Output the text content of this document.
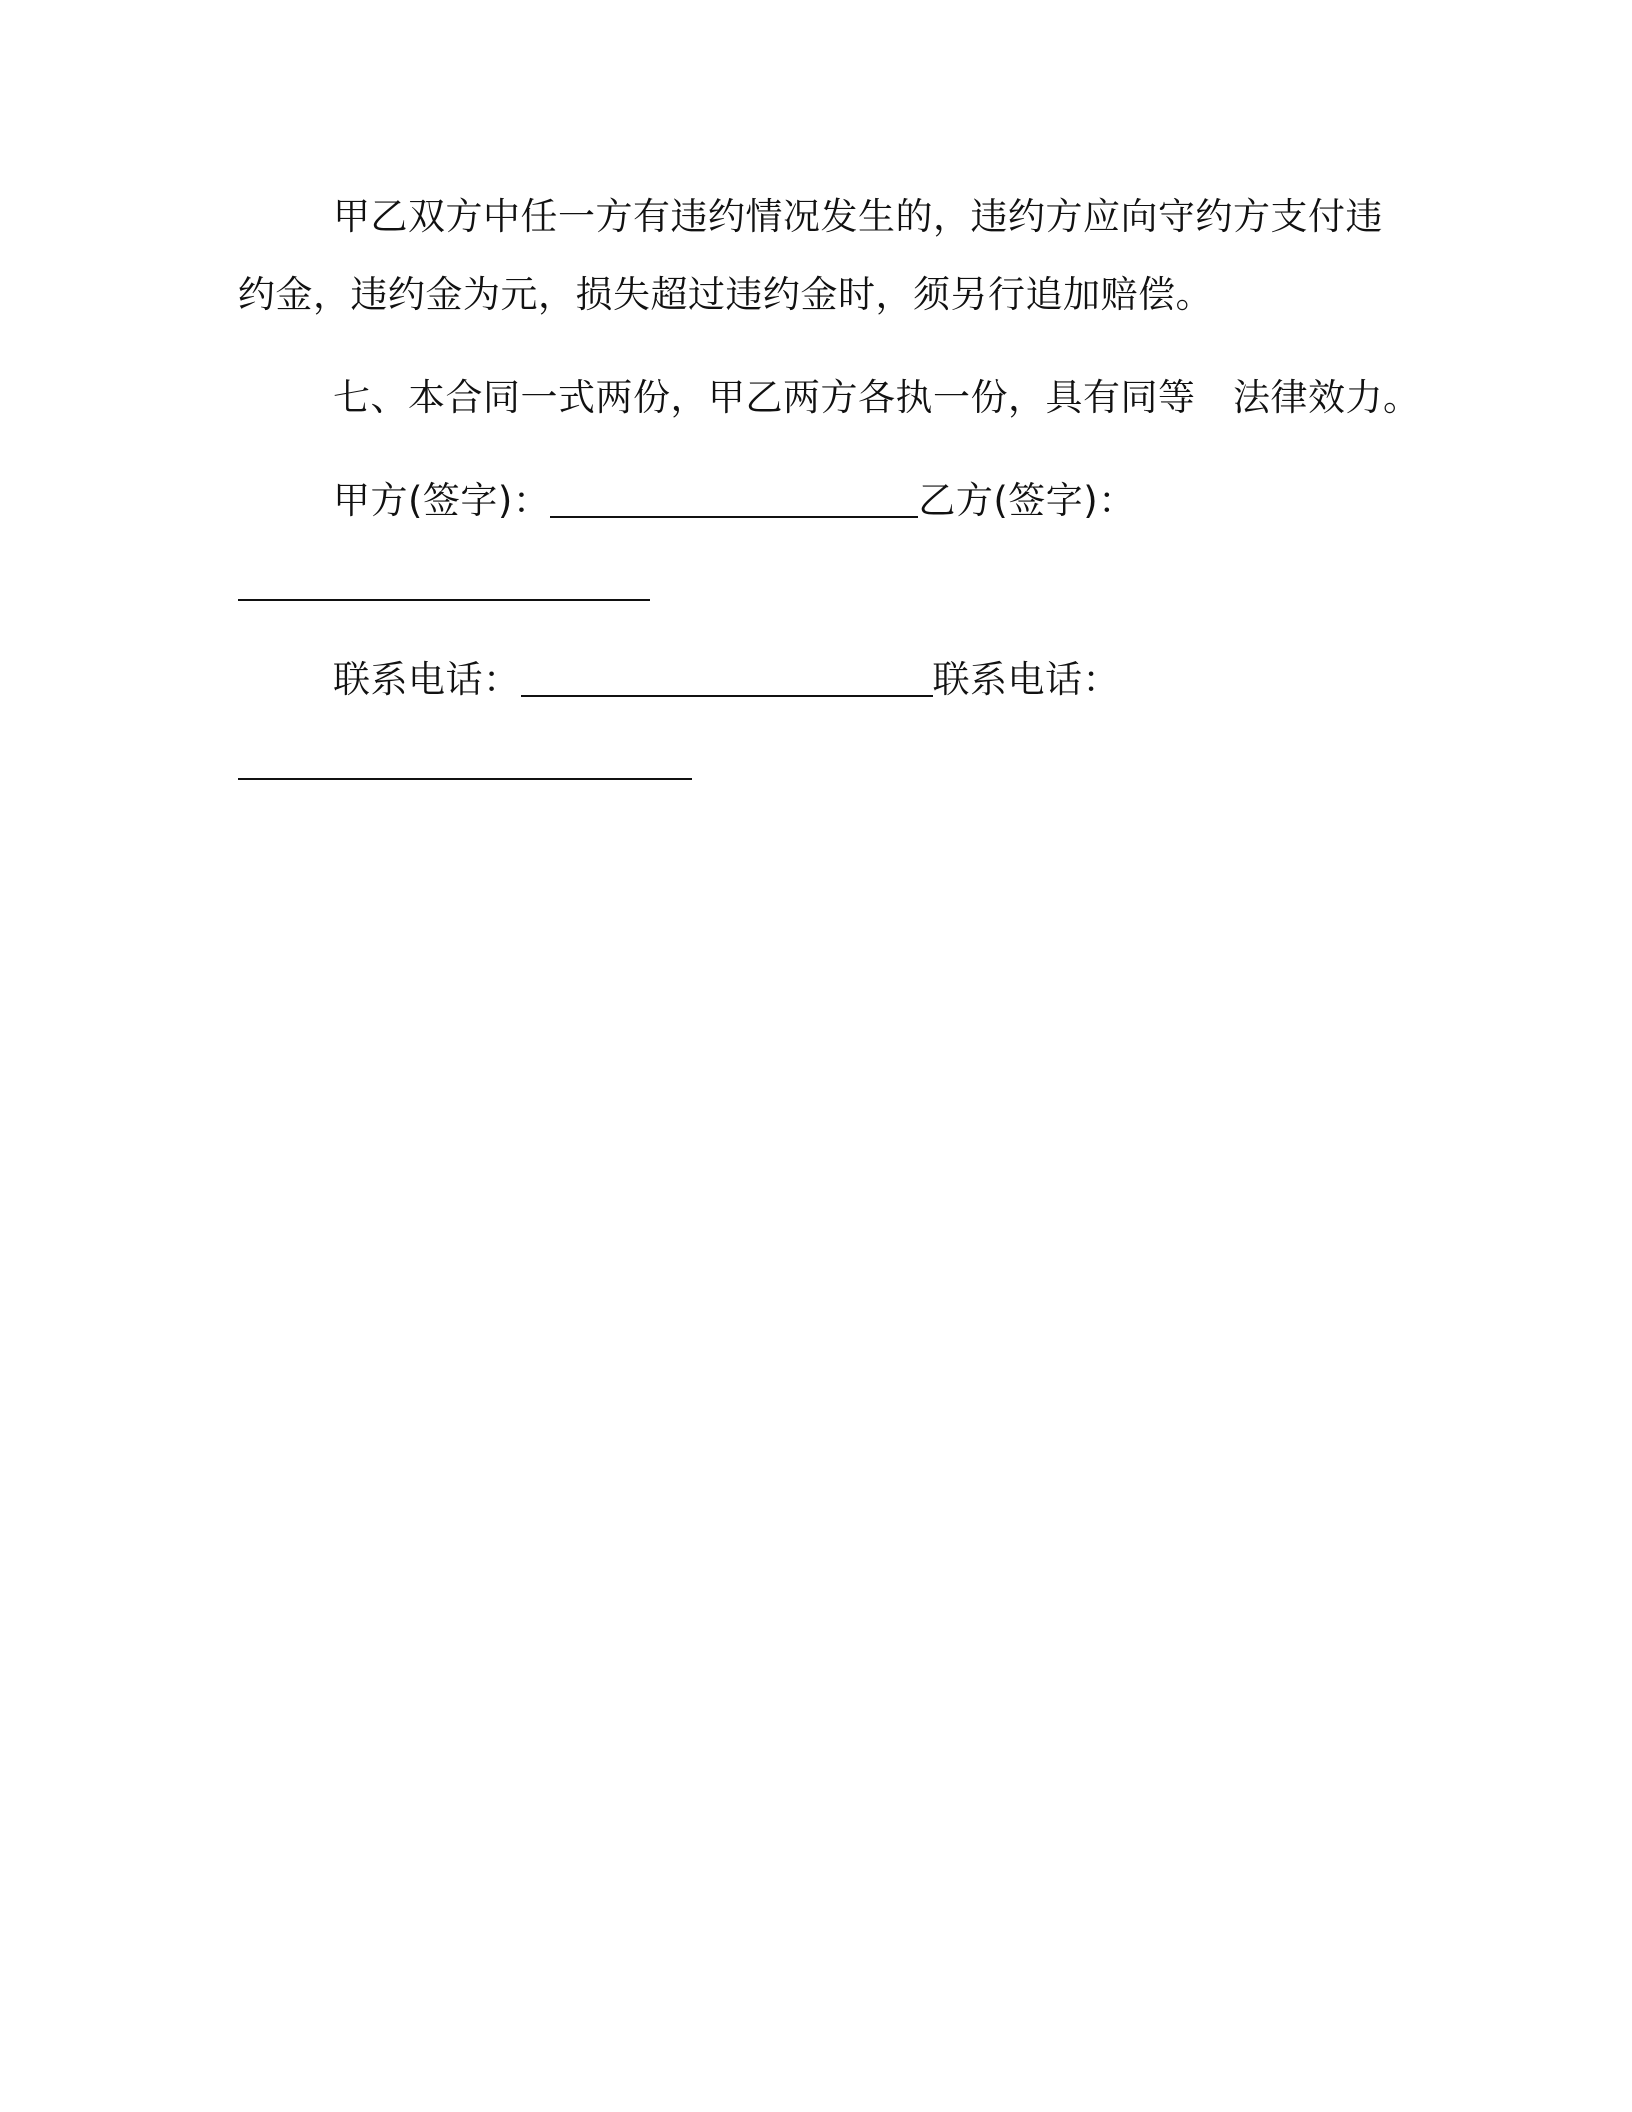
甲乙双方中任一方有违约情况发生的，违约方应向守约方支付违
约金，违约金为元，损失超过违约金时，须另行追加赔偿。
七、本合同一式两份，甲乙两方各执一份，具有同等　法律效力。
甲方(签字)：	乙方(签字)：
联系电话：	联系电话：
